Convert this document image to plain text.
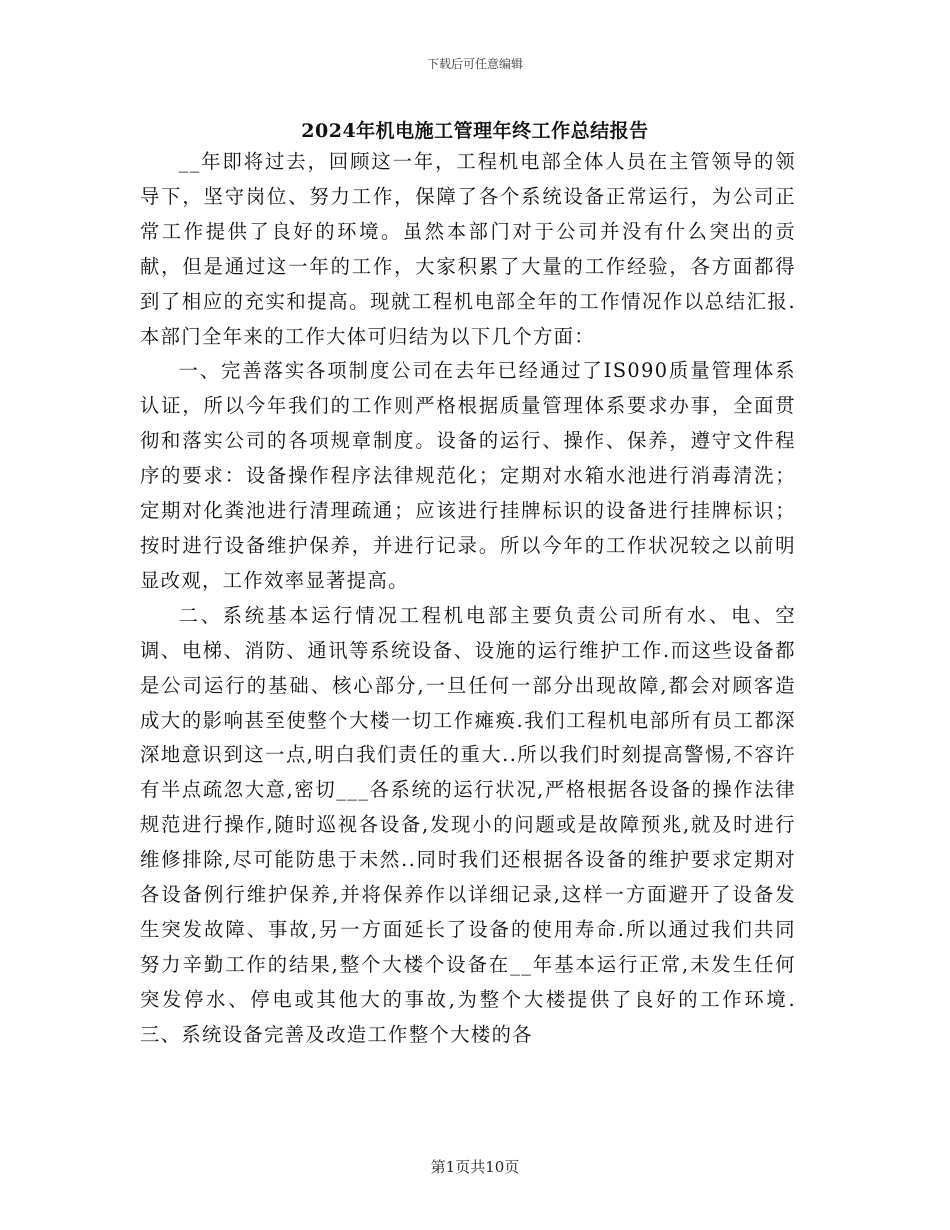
下载后可任意编辑
2024年机电施工管理年终工作总结报告

__年即将过去，回顾这一年，工程机电部全体人员在主管领导的领导下，坚守岗位、努力工作，保障了各个系统设备正常运行，为公司正常工作提供了良好的环境。虽然本部门对于公司并没有什么突出的贡献，但是通过这一年的工作，大家积累了大量的工作经验，各方面都得到了相应的充实和提高。现就工程机电部全年的工作情况作以总结汇报.本部门全年来的工作大体可归结为以下几个方面：

一、完善落实各项制度公司在去年已经通过了IS090质量管理体系认证，所以今年我们的工作则严格根据质量管理体系要求办事，全面贯彻和落实公司的各项规章制度。设备的运行、操作、保养，遵守文件程序的要求：设备操作程序法律规范化；定期对水箱水池进行消毒清洗；定期对化粪池进行清理疏通；应该进行挂牌标识的设备进行挂牌标识；按时进行设备维护保养，并进行记录。所以今年的工作状况较之以前明显改观，工作效率显著提高。

二、系统基本运行情况工程机电部主要负责公司所有水、电、空调、电梯、消防、通讯等系统设备、设施的运行维护工作.而这些设备都是公司运行的基础、核心部分,一旦任何一部分出现故障,都会对顾客造成大的影响甚至使整个大楼一切工作瘫痪.我们工程机电部所有员工都深深地意识到这一点,明白我们责任的重大..所以我们时刻提高警惕,不容许有半点疏忽大意,密切___各系统的运行状况,严格根据各设备的操作法律规范进行操作,随时巡视各设备,发现小的问题或是故障预兆,就及时进行维修排除,尽可能防患于未然..同时我们还根据各设备的维护要求定期对各设备例行维护保养,并将保养作以详细记录,这样一方面避开了设备发生突发故障、事故,另一方面延长了设备的使用寿命.所以通过我们共同努力辛勤工作的结果,整个大楼个设备在__年基本运行正常,未发生任何突发停水、停电或其他大的事故,为整个大楼提供了良好的工作环境.三、系统设备完善及改造工作整个大楼的各

第1页共10页
